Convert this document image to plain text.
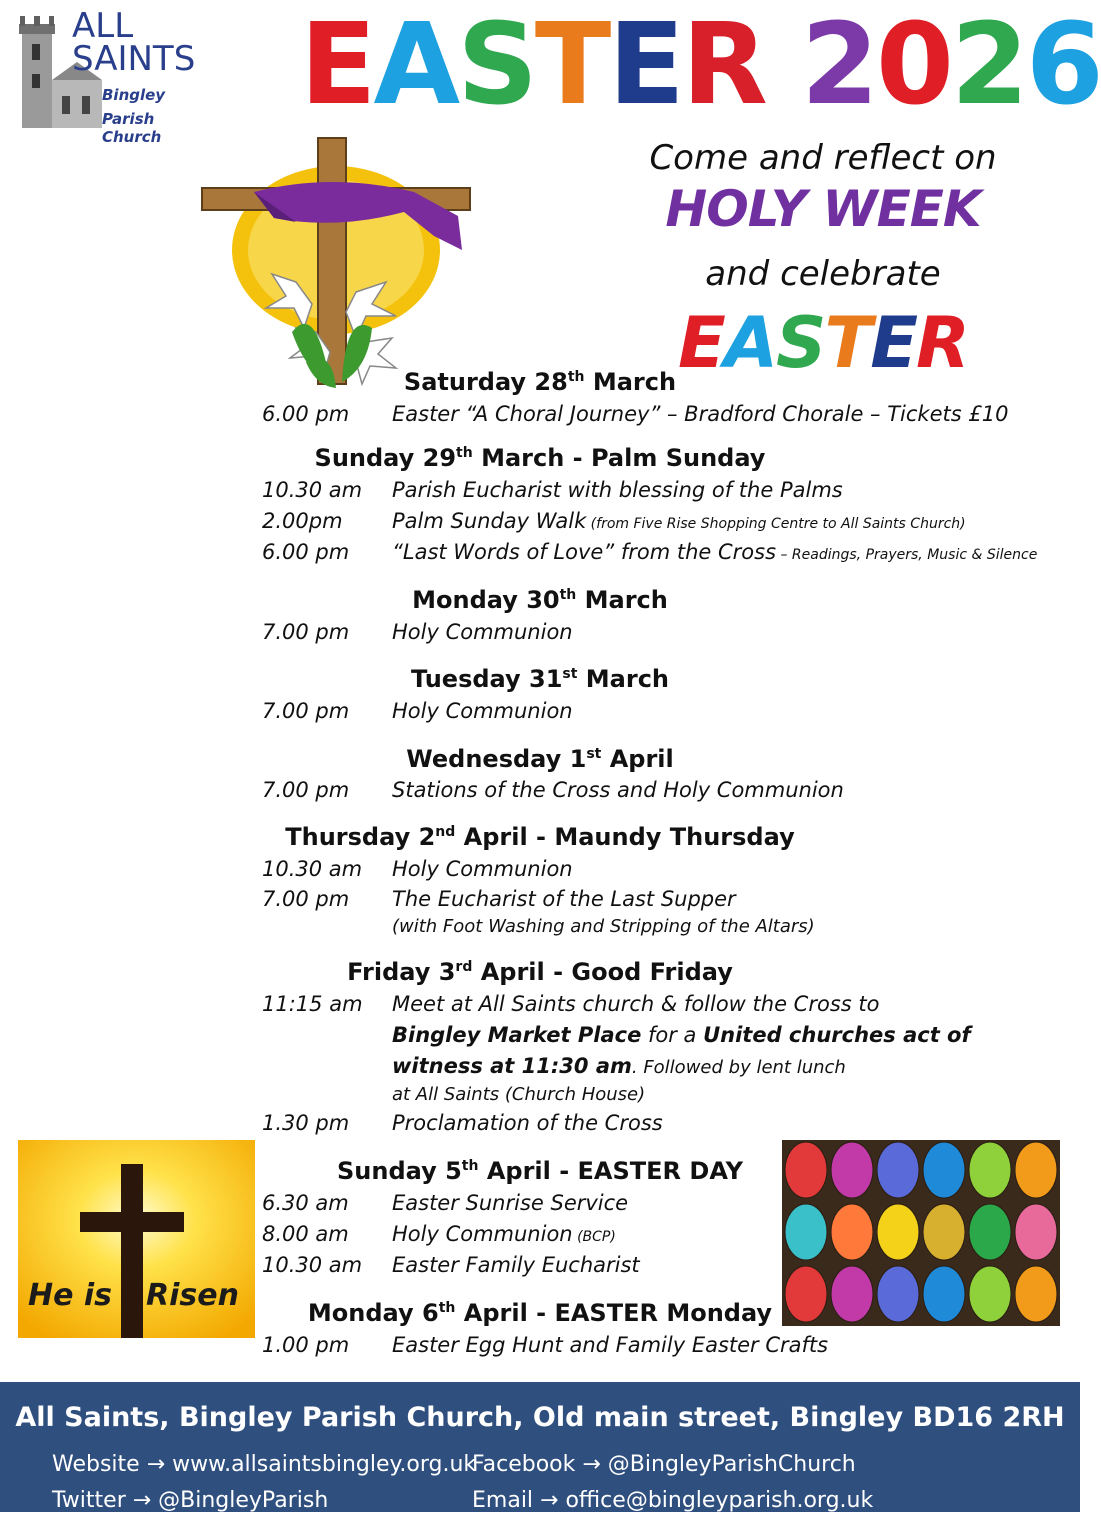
ALL
SAINTS
Bingley
Parish Church
EASTER 2026
Come and reflect on
HOLY WEEK
and celebrate
EASTER
Saturday 28th March
6.00 pm	Easter “A Choral Journey” – Bradford Chorale – Tickets £10
Sunday 29th March - Palm Sunday
10.30 am	Parish Eucharist with blessing of the Palms
2.00pm	Palm Sunday Walk (from Five Rise Shopping Centre to All Saints Church)
6.00 pm	“Last Words of Love” from the Cross – Readings, Prayers, Music & Silence
Monday 30th March
7.00 pm	Holy Communion
Tuesday 31st March
7.00 pm	Holy Communion
Wednesday 1st April
7.00 pm	Stations of the Cross and Holy Communion
Thursday 2nd April - Maundy Thursday
10.30 am	Holy Communion
7.00 pm	The Eucharist of the Last Supper
(with Foot Washing and Stripping of the Altars)
Friday 3rd April - Good Friday
11:15 am	Meet at All Saints church & follow the Cross to
Bingley Market Place for a United churches act of
witness at 11:30 am. Followed by lent lunch
at All Saints (Church House)
1.30 pm	Proclamation of the Cross
Sunday 5th April - EASTER DAY
6.30 am	Easter Sunrise Service
8.00 am	Holy Communion (BCP)
10.30 am	Easter Family Eucharist
Monday 6th April - EASTER Monday
1.00 pm	Easter Egg Hunt and Family Easter Crafts
He is Risen
All Saints, Bingley Parish Church, Old main street, Bingley BD16 2RH
Website → www.allsaintsbingley.org.uk
Facebook → @BingleyParishChurch
Twitter → @BingleyParish	Email → office@bingleyparish.org.uk
